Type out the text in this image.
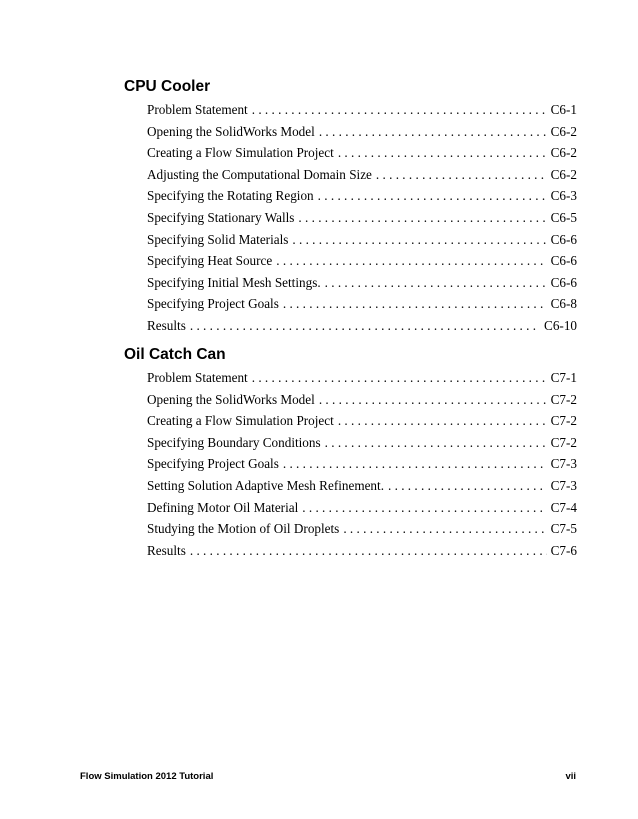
CPU Cooler
Problem Statement . . .	C6-1
Opening the SolidWorks Model . . .	C6-2
Creating a Flow Simulation Project . . .	C6-2
Adjusting the Computational Domain Size . . .	C6-2
Specifying the Rotating Region . . .	C6-3
Specifying Stationary Walls . . .	C6-5
Specifying Solid Materials . . .	C6-6
Specifying Heat Source . . .	C6-6
Specifying Initial Mesh Settings. . . .	C6-6
Specifying Project Goals . . .	C6-8
Results . . .	C6-10
Oil Catch Can
Problem Statement . . .	C7-1
Opening the SolidWorks Model . . .	C7-2
Creating a Flow Simulation Project . . .	C7-2
Specifying Boundary Conditions . . .	C7-2
Specifying Project Goals . . .	C7-3
Setting Solution Adaptive Mesh Refinement. . . .	C7-3
Defining Motor Oil Material . . .	C7-4
Studying the Motion of Oil Droplets . . .	C7-5
Results . . .	C7-6
Flow Simulation 2012 Tutorial	vii
